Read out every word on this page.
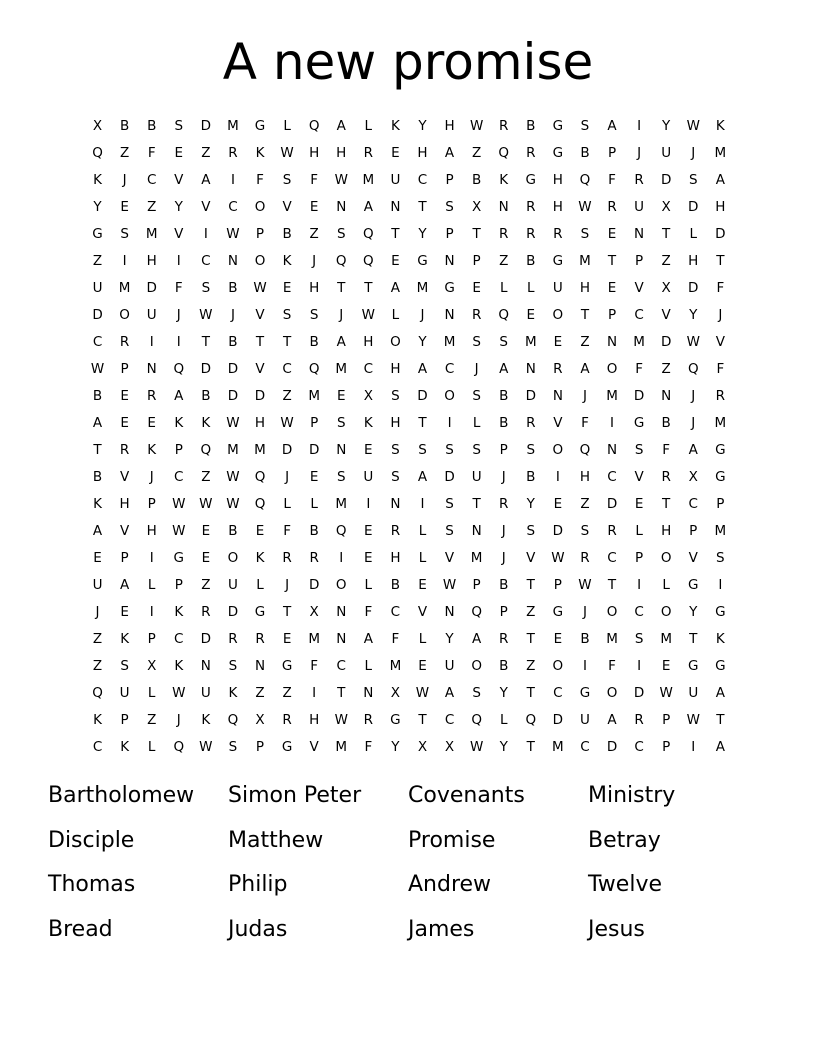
A new promise
X	B	B	S	D	M	G	L	Q	A	L	K	Y	H	W	R	B	G	S	A	I	Y	W	K
Q	Z	F	E	Z	R	K	W	H	H	R	E	H	A	Z	Q	R	G	B	P	J	U	J	M
K	J	C	V	A	I	F	S	F	W	M	U	C	P	B	K	G	H	Q	F	R	D	S	A
Y	E	Z	Y	V	C	O	V	E	N	A	N	T	S	X	N	R	H	W	R	U	X	D	H
G	S	M	V	I	W	P	B	Z	S	Q	T	Y	P	T	R	R	R	S	E	N	T	L	D
Z	I	H	I	C	N	O	K	J	Q	Q	E	G	N	P	Z	B	G	M	T	P	Z	H	T
U	M	D	F	S	B	W	E	H	T	T	A	M	G	E	L	L	U	H	E	V	X	D	F
D	O	U	J	W	J	V	S	S	J	W	L	J	N	R	Q	E	O	T	P	C	V	Y	J
C	R	I	I	T	B	T	T	B	A	H	O	Y	M	S	S	M	E	Z	N	M	D	W	V
W	P	N	Q	D	D	V	C	Q	M	C	H	A	C	J	A	N	R	A	O	F	Z	Q	F
B	E	R	A	B	D	D	Z	M	E	X	S	D	O	S	B	D	N	J	M	D	N	J	R
A	E	E	K	K	W	H	W	P	S	K	H	T	I	L	B	R	V	F	I	G	B	J	M
T	R	K	P	Q	M	M	D	D	N	E	S	S	S	S	P	S	O	Q	N	S	F	A	G
B	V	J	C	Z	W	Q	J	E	S	U	S	A	D	U	J	B	I	H	C	V	R	X	G
K	H	P	W	W	W	Q	L	L	M	I	N	I	S	T	R	Y	E	Z	D	E	T	C	P
A	V	H	W	E	B	E	F	B	Q	E	R	L	S	N	J	S	D	S	R	L	H	P	M
E	P	I	G	E	O	K	R	R	I	E	H	L	V	M	J	V	W	R	C	P	O	V	S
U	A	L	P	Z	U	L	J	D	O	L	B	E	W	P	B	T	P	W	T	I	L	G	I
J	E	I	K	R	D	G	T	X	N	F	C	V	N	Q	P	Z	G	J	O	C	O	Y	G
Z	K	P	C	D	R	R	E	M	N	A	F	L	Y	A	R	T	E	B	M	S	M	T	K
Z	S	X	K	N	S	N	G	F	C	L	M	E	U	O	B	Z	O	I	F	I	E	G	G
Q	U	L	W	U	K	Z	Z	I	T	N	X	W	A	S	Y	T	C	G	O	D	W	U	A
K	P	Z	J	K	Q	X	R	H	W	R	G	T	C	Q	L	Q	D	U	A	R	P	W	T
C	K	L	Q	W	S	P	G	V	M	F	Y	X	X	W	Y	T	M	C	D	C	P	I	A
Bartholomew	Simon Peter	Covenants	Ministry
Disciple	Matthew	Promise	Betray
Thomas	Philip	Andrew	Twelve
Bread	Judas	James	Jesus
